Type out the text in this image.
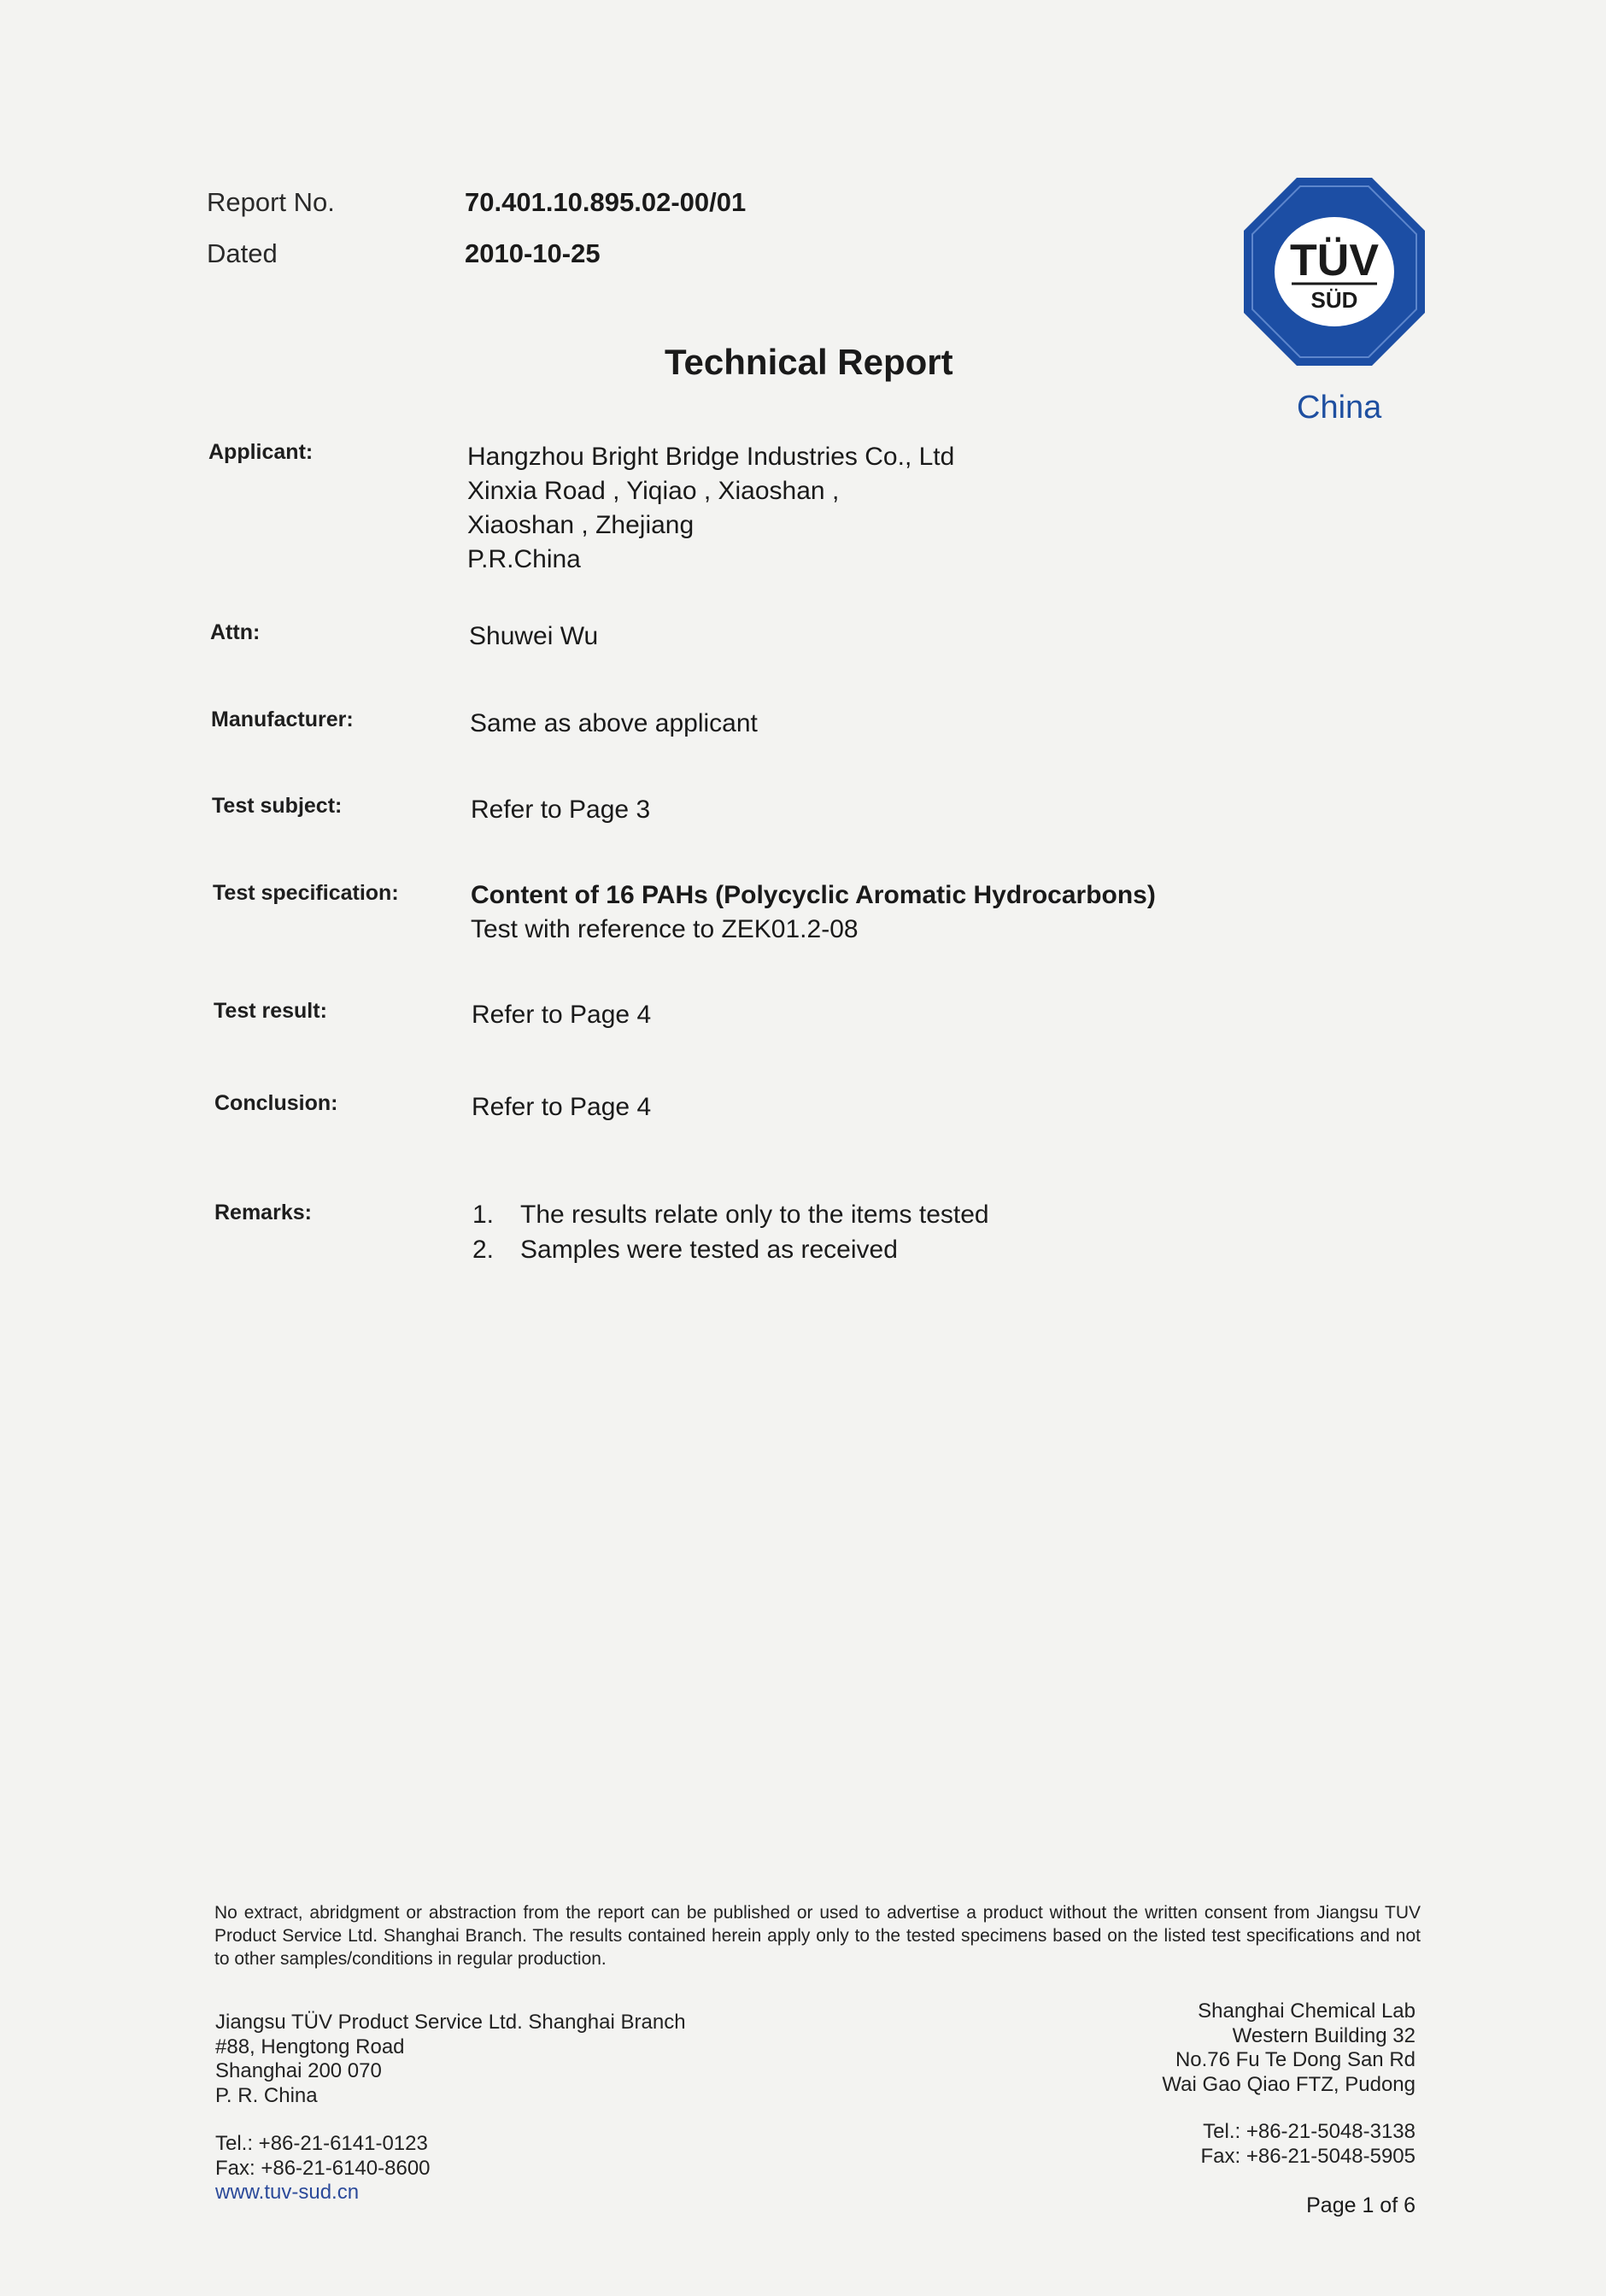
Report No.	70.401.10.895.02-00/01
Dated	2010-10-25	TÜV
SÜD
China
Technical Report
Applicant:	Hangzhou Bright Bridge Industries Co., Ltd
Xinxia Road , Yiqiao , Xiaoshan ,
Xiaoshan , Zhejiang
P.R.China
Attn:	Shuwei Wu
Manufacturer:	Same as above applicant
Test subject:	Refer to Page 3
Test specification:	Content of 16 PAHs (Polycyclic Aromatic Hydrocarbons)
Test with reference to ZEK01.2-08
Test result:	Refer to Page 4
Conclusion:	Refer to Page 4
Remarks:	1. The results relate only to the items tested
2. Samples were tested as received
No extract, abridgment or abstraction from the report can be published or used to advertise a product without the written consent from Jiangsu TUV Product Service Ltd. Shanghai Branch. The results contained herein apply only to the tested specimens based on the listed test specifications and not to other samples/conditions in regular production.
Jiangsu TÜV Product Service Ltd. Shanghai Branch
#88, Hengtong Road
Shanghai 200 070
P. R. China
Tel.: +86-21-6141-0123
Fax: +86-21-6140-8600
www.tuv-sud.cn
Shanghai Chemical Lab
Western Building 32
No.76 Fu Te Dong San Rd
Wai Gao Qiao FTZ, Pudong
Tel.: +86-21-5048-3138
Fax: +86-21-5048-5905
Page 1 of 6
